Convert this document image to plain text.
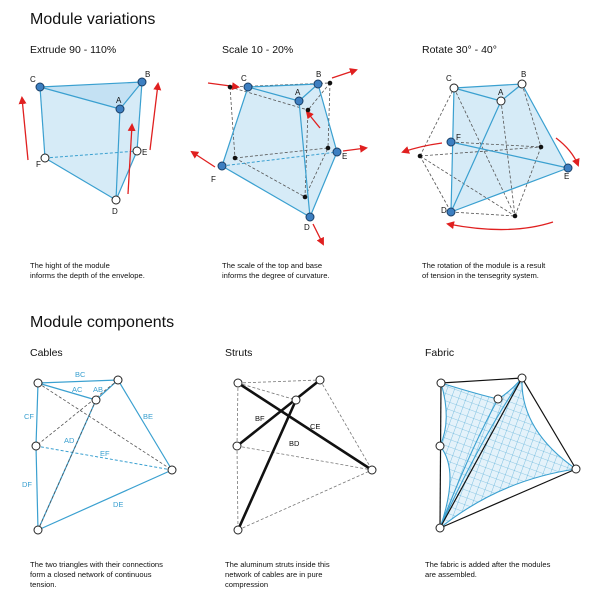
Module variations
Module components
Extrude 90 - 110%	Scale 10 - 20%	Rotate 30° - 40°
Cables	Struts	Fabric
The hight of the module
informs the depth of the envelope.
The scale of the top and base
informs the degree of curvature.
The rotation of the module is a result
of tension in the tensegrity system.
The two triangles with their connections
form a closed network of continuous
tension.
The aluminum struts inside this
network of cables are in pure
compression
The fabric is added after the modules
are assembled.
C
B
A
F
E
D
C	B
A
F
E
D
C	B
A
F
E
D
BC
AC AB
CF	BE
AD
EF
DF
DE
BF
CE
BD
